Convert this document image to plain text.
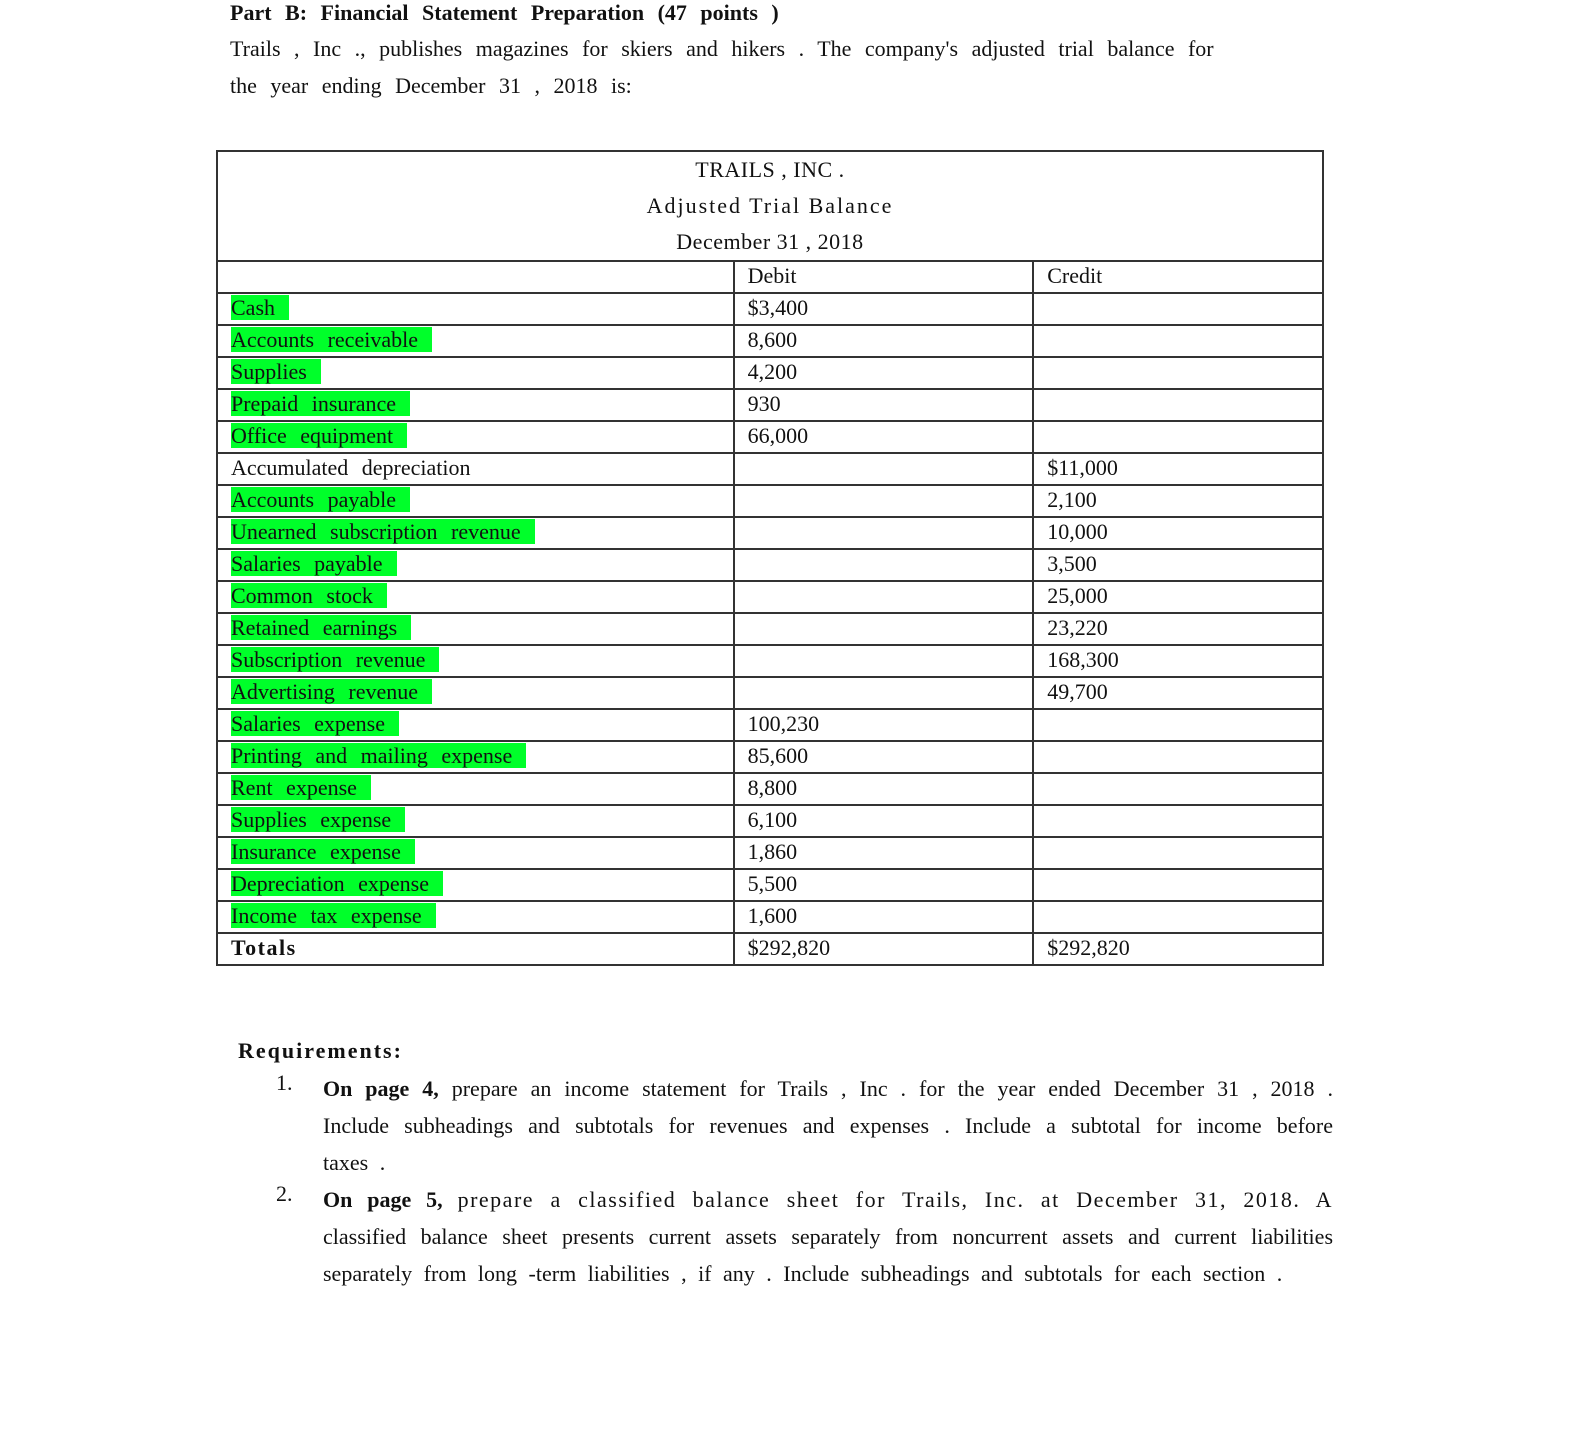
Part B: Financial Statement Preparation (47 points )
Trails , Inc ., publishes magazines for skiers and hikers . The company's adjusted trial balance for
the year ending December 31 , 2018 is:
TRAILS , INC .
Adjusted Trial Balance
December 31 , 2018		

	Debit	Credit
Cash	$3,400	
Accounts receivable	8,600	
Supplies	4,200	
Prepaid insurance	930	
Office equipment	66,000	
Accumulated depreciation		$11,000
Accounts payable		2,100
Unearned subscription revenue		10,000
Salaries payable		3,500
Common stock		25,000
Retained earnings		23,220
Subscription revenue		168,300
Advertising revenue		49,700
Salaries expense	100,230	
Printing and mailing expense	85,600	
Rent expense	8,800	
Supplies expense	6,100	
Insurance expense	1,860	
Depreciation expense	5,500	
Income tax expense	1,600	
Totals	$292,820	$292,820
Requirements:
1. On page 4, prepare an income statement for Trails , Inc . for the year ended December 31 , 2018 . Include subheadings and subtotals for revenues and expenses . Include a subtotal for income before taxes .
2. On page 5, prepare a classified balance sheet for Trails, Inc. at December 31, 2018. A classified balance sheet presents current assets separately from noncurrent assets and current liabilities separately from long -term liabilities , if any . Include subheadings and subtotals for each section .
